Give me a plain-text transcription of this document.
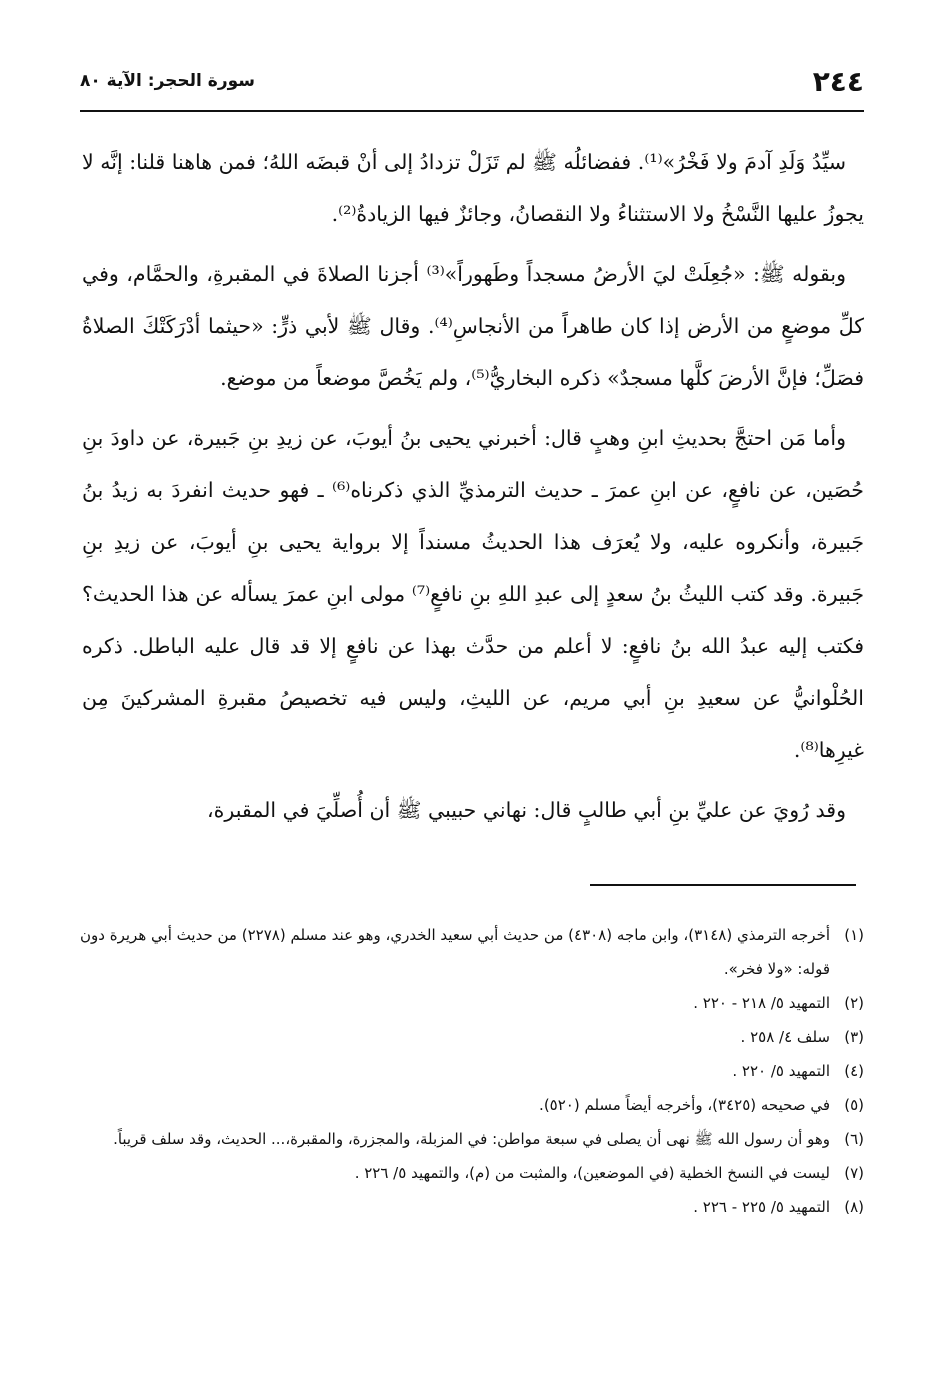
٢٤٤
سورة الحجر: الآية ٨٠

سيِّدُ وَلَدِ آدمَ ولا فَخْرُ»⁽¹⁾. ففضائلُه ﷺ لم تَزَلْ تزدادُ إلى أنْ قبضَه اللهُ؛ فمن هاهنا قلنا: إنَّه لا يجوزُ عليها النَّسْخُ ولا الاستثناءُ ولا النقصانُ، وجائزٌ فيها الزيادةُ⁽²⁾.

وبقوله ﷺ: «جُعِلَتْ ليَ الأرضُ مسجداً وطَهوراً»⁽³⁾ أجزنا الصلاةَ في المقبرةِ، والحمَّام، وفي كلِّ موضعٍ من الأرض إذا كان طاهراً من الأنجاسِ⁽⁴⁾. وقال ﷺ لأبي ذرٍّ: «حيثما أدْرَكَتْكَ الصلاةُ فصَلِّ؛ فإنَّ الأرضَ كلَّها مسجدٌ» ذكره البخاريُّ⁽⁵⁾، ولم يَخُصَّ موضعاً من موضع.

وأما مَن احتجَّ بحديثِ ابنِ وهبٍ قال: أخبرني يحيى بنُ أيوبَ، عن زيدِ بنِ جَبيرة، عن داودَ بنِ حُصَين، عن نافعٍ، عن ابنِ عمرَ ـ حديث الترمذيِّ الذي ذكرناه⁽⁶⁾ ـ فهو حديث انفردَ به زيدُ بنُ جَبيرة، وأنكروه عليه، ولا يُعرَف هذا الحديثُ مسنداً إلا برواية يحيى بنِ أيوبَ، عن زيدِ بنِ جَبيرة. وقد كتب الليثُ بنُ سعدٍ إلى عبدِ اللهِ بنِ نافعٍ⁽⁷⁾ مولى ابنِ عمرَ يسأله عن هذا الحديث؟ فكتب إليه عبدُ الله بنُ نافعٍ: لا أعلم من حدَّث بهذا عن نافعٍ إلا قد قال عليه الباطل. ذكره الحُلْوانيُّ عن سعيدِ بنِ أبي مريم، عن الليثِ، وليس فيه تخصيصُ مقبرةِ المشركينَ مِن غيرِها⁽⁸⁾.

وقد رُويَ عن عليِّ بنِ أبي طالبٍ قال: نهاني حبيبي ﷺ أن أُصلِّيَ في المقبرة،

(١)
أخرجه الترمذي (٣١٤٨)، وابن ماجه (٤٣٠٨) من حديث أبي سعيد الخدري، وهو عند مسلم (٢٢٧٨) من حديث أبي هريرة دون قوله: «ولا فخر».
(٢)
التمهيد ٥/ ٢١٨ - ٢٢٠ .
(٣)
سلف ٤/ ٢٥٨ .
(٤)
التمهيد ٥/ ٢٢٠ .
(٥)
في صحيحه (٣٤٢٥)، وأخرجه أيضاً مسلم (٥٢٠).
(٦)
وهو أن رسول الله ﷺ نهى أن يصلى في سبعة مواطن: في المزبلة، والمجزرة، والمقبرة،... الحديث، وقد سلف قريباً.
(٧)
ليست في النسخ الخطية (في الموضعين)، والمثبت من (م)، والتمهيد ٥/ ٢٢٦ .
(٨)
التمهيد ٥/ ٢٢٥ - ٢٢٦ .
